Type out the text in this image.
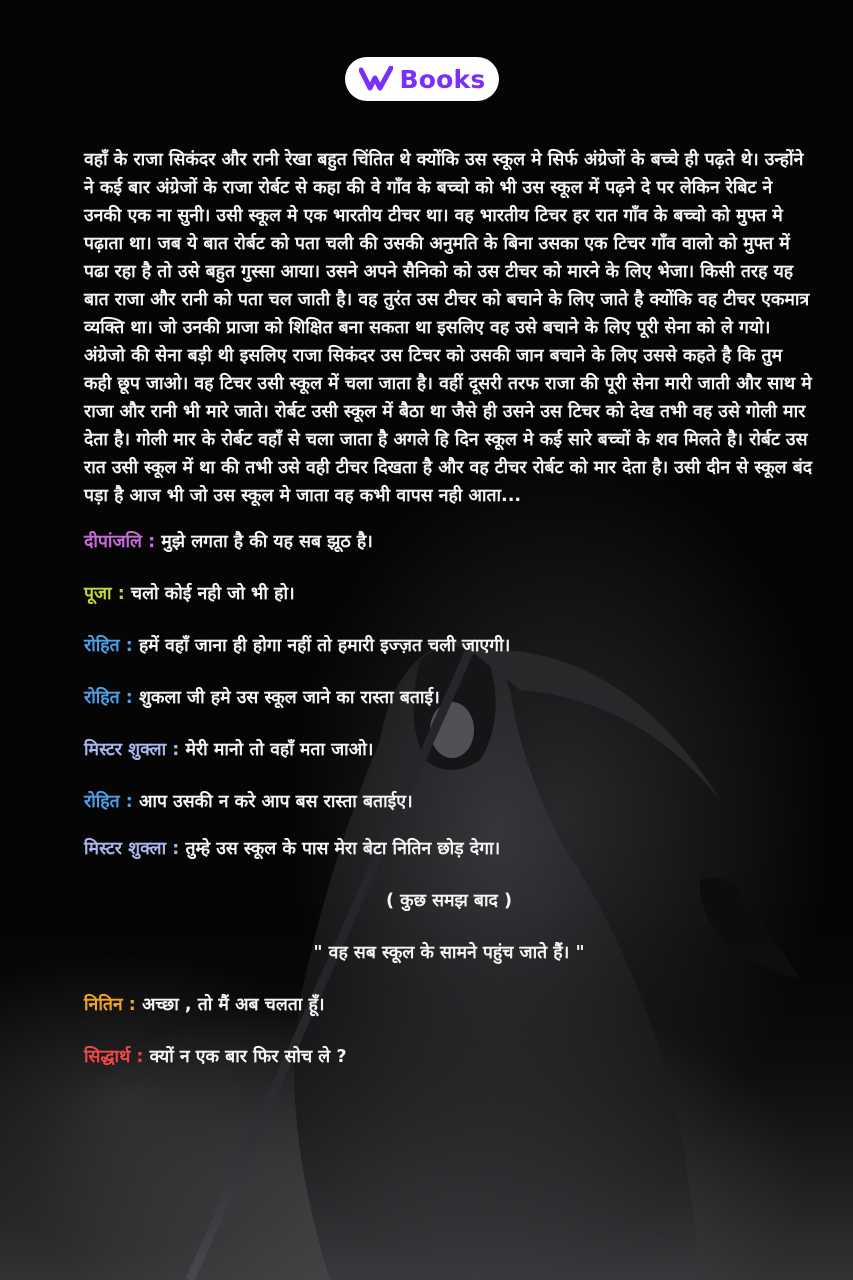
Books

वहाँ के राजा सिकंदर और रानी रेखा बहुत चिंतित थे क्योंकि उस स्कूल मे सिर्फ अंग्रेजों के बच्चे ही पढ़ते थे। उन्होंने ने कई बार अंग्रेजों के राजा रोर्बट से कहा की वे गाँव के बच्चो को भी उस स्कूल में पढ़ने दे पर लेकिन रेबिट ने उनकी एक ना सुनी। उसी स्कूल मे एक भारतीय टीचर था। वह भारतीय टिचर हर रात गाँव के बच्चो को मुफ्त मे पढ़ाता था। जब ये बात रोर्बट को पता चली की उसकी अनुमति के बिना उसका एक टिचर गाँव वालो को मुफ्त में पढा रहा है तो उसे बहुत गुस्सा आया। उसने अपने सैनिको को उस टीचर को मारने के लिए भेजा। किसी तरह यह बात राजा और रानी को पता चल जाती है। वह तुरंत उस टीचर को बचाने के लिए जाते है क्योंकि वह टीचर एकमात्र व्यक्ति था। जो उनकी प्राजा को शिक्षित बना सकता था इसलिए वह उसे बचाने के लिए पूरी सेना को ले गयो। अंग्रेजो की सेना बड़ी थी इसलिए राजा सिकंदर उस टिचर को उसकी जान बचाने के लिए उससे कहते है कि तुम कही छूप जाओ। वह टिचर उसी स्कूल में चला जाता है। वहीं दूसरी तरफ राजा की पूरी सेना मारी जाती और साथ मे राजा और रानी भी मारे जाते। रोर्बट उसी स्कूल में बैठा था जैसे ही उसने उस टिचर को देख तभी वह उसे गोली मार देता है। गोली मार के रोर्बट वहाँ से चला जाता है अगले हि दिन स्कूल मे कई सारे बच्चों के शव मिलते है। रोर्बट उस रात उसी स्कूल में था की तभी उसे वही टीचर दिखता है और वह टीचर रोर्बट को मार देता है। उसी दीन से स्कूल बंद पड़ा है आज भी जो उस स्कूल मे जाता वह कभी वापस नही आता...

दीपांजलि : मुझे लगता है की यह सब झूठ है।

पूजा : चलो कोई नही जो भी हो।

रोहित : हमें वहाँ जाना ही होगा नहीं तो हमारी इज्ज़त चली जाएगी।

रोहित : शुकला जी हमे उस स्कूल जाने का रास्ता बताई।

मिस्टर शुक्ला : मेरी मानो तो वहाँ मता जाओ।

रोहित : आप उसकी न करे आप बस रास्ता बताईए।

मिस्टर शुक्ला : तुम्हे उस स्कूल के पास मेरा बेटा नितिन छोड़ देगा।

( कुछ समझ बाद )

" वह सब स्कूल के सामने पहुंच जाते हैं। "

नितिन : अच्छा , तो मैं अब चलता हूँ।

सिद्धार्थ : क्यों न एक बार फिर सोच ले ?
